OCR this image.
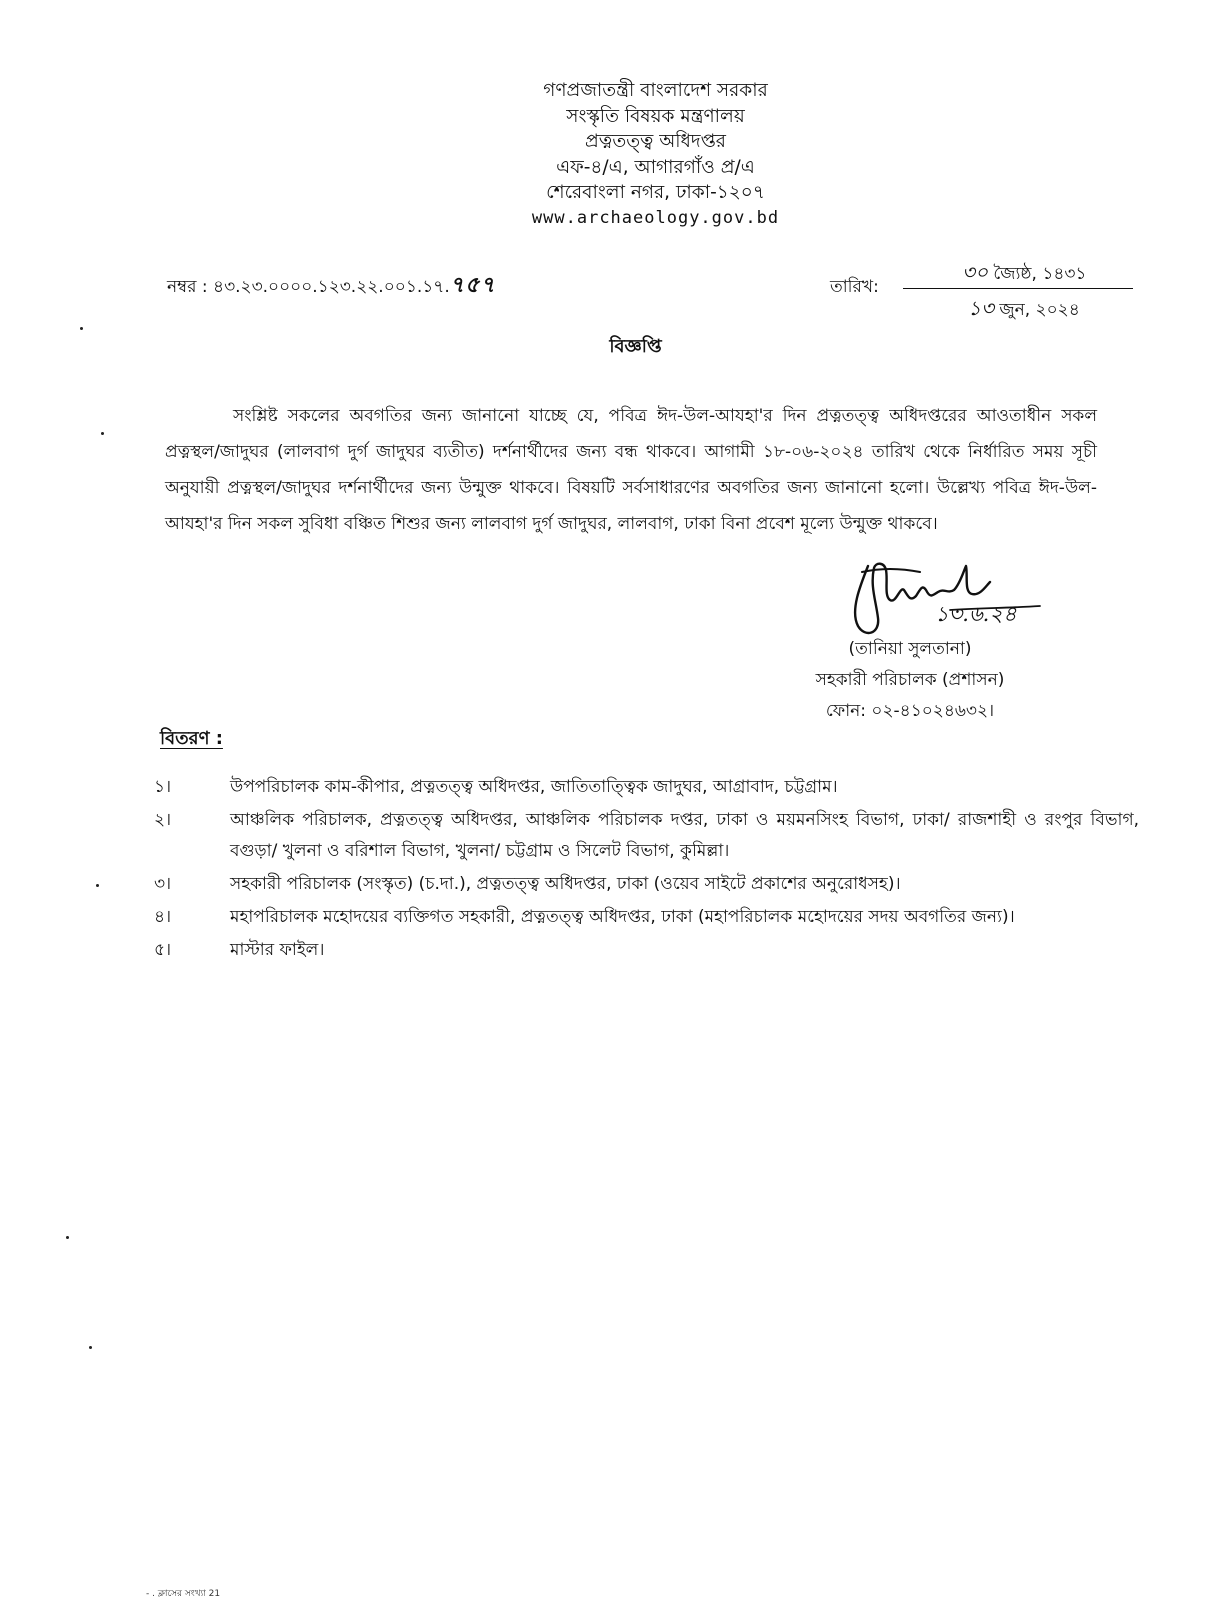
গণপ্রজাতন্ত্রী বাংলাদেশ সরকার
সংস্কৃতি বিষয়ক মন্ত্রণালয়
প্রত্নতত্ত্ব অধিদপ্তর
এফ-৪/এ, আগারগাঁও প্র/এ
শেরেবাংলা নগর, ঢাকা-১২০৭
www.archaeology.gov.bd
নম্বর : ৪৩.২৩.০০০০.১২৩.২২.০০১.১৭.৭৫৭	তারিখ:
৩০ জ্যৈষ্ঠ, ১৪৩১
১৩ জুন, ২০২৪
বিজ্ঞপ্তি
সংশ্লিষ্ট সকলের অবগতির জন্য জানানো যাচ্ছে যে, পবিত্র ঈদ-উল-আযহা'র দিন প্রত্নতত্ত্ব অধিদপ্তরের আওতাধীন সকল প্রত্নস্থল/জাদুঘর (লালবাগ দুর্গ জাদুঘর ব্যতীত) দর্শনার্থীদের জন্য বন্ধ থাকবে। আগামী ১৮-০৬-২০২৪ তারিখ থেকে নির্ধারিত সময় সূচী অনুযায়ী প্রত্নস্থল/জাদুঘর দর্শনার্থীদের জন্য উন্মুক্ত থাকবে। বিষয়টি সর্বসাধারণের অবগতির জন্য জানানো হলো। উল্লেখ্য পবিত্র ঈদ-উল-আযহা'র দিন সকল সুবিধা বঞ্চিত শিশুর জন্য লালবাগ দুর্গ জাদুঘর, লালবাগ, ঢাকা বিনা প্রবেশ মূল্যে উন্মুক্ত থাকবে।
১৩.৬.২৪
(তানিয়া সুলতানা)
সহকারী পরিচালক (প্রশাসন)
ফোন: ০২-৪১০২৪৬৩২।
বিতরণ :
১।	উপপরিচালক কাম-কীপার, প্রত্নতত্ত্ব অধিদপ্তর, জাতিতাত্ত্বিক জাদুঘর, আগ্রাবাদ, চট্টগ্রাম।
২।	আঞ্চলিক পরিচালক, প্রত্নতত্ত্ব অধিদপ্তর, আঞ্চলিক পরিচালক দপ্তর, ঢাকা ও ময়মনসিংহ বিভাগ, ঢাকা/ রাজশাহী ও রংপুর বিভাগ, বগুড়া/ খুলনা ও বরিশাল বিভাগ, খুলনা/ চট্টগ্রাম ও সিলেট বিভাগ, কুমিল্লা।
৩।	সহকারী পরিচালক (সংস্কৃত) (চ.দা.), প্রত্নতত্ত্ব অধিদপ্তর, ঢাকা (ওয়েব সাইটে প্রকাশের অনুরোধসহ)।
৪।	মহাপরিচালক মহোদয়ের ব্যক্তিগত সহকারী, প্রত্নতত্ত্ব অধিদপ্তর, ঢাকা (মহাপরিচালক মহোদয়ের সদয় অবগতির জন্য)।
৫।	মাস্টার ফাইল।
- . ক্লাসের সংখ্যা 21
